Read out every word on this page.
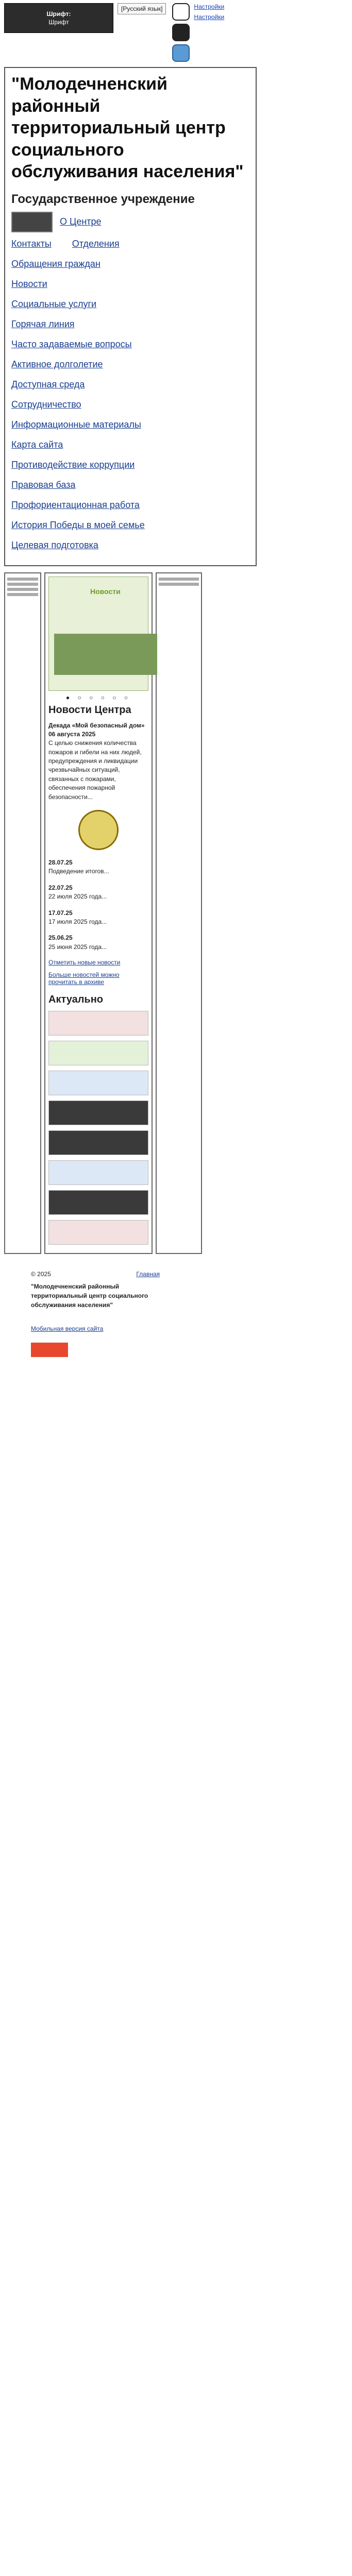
Шрифт:
Шрифт
[Русский язык]	Настройки
Настройки
"Молодечненский районный территориальный центр социального обслуживания населения"
Государственное учреждение
О Центре
Контакты Отделения
Обращения граждан
Новости
Социальные услуги
Горячая линия
Часто задаваемые вопросы
Активное долголетие
Доступная среда
Сотрудничество
Информационные материалы
Карта сайта
Противодействие коррупции
Правовая база
Профориентационная работа
История Победы в моей семье
Целевая подготовка
Новости
● ○ ○ ○ ○ ○
Новости Центра
Декада «Мой безопасный дом»
06 августа 2025
С целью снижения количества пожаров и гибели на них людей, предупреждения и ликвидации чрезвычайных ситуаций, связанных с пожарами, обеспечения пожарной безопасности...
28.07.25
Подведение итогов...
22.07.25
22 июля 2025 года...
17.07.25
17 июля 2025 года...
25.06.25
25 июня 2025 года...
Отметить новые новости
Больше новостей можно прочитать в архиве
Актуально
© 2025	Главная
"Молодечненский районный территориальный центр социального обслуживания населения"
Мобильная версия сайта
